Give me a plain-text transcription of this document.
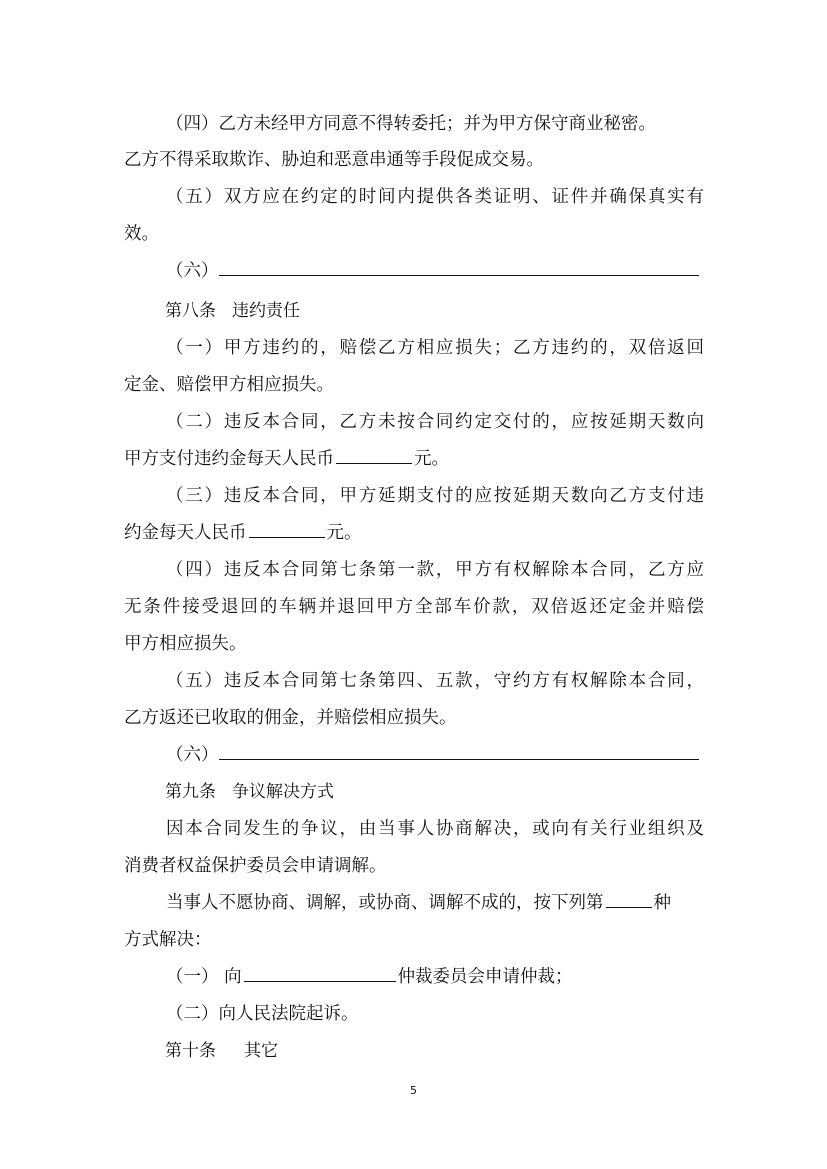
（四）乙方未经甲方同意不得转委托；并为甲方保守商业秘密。

乙方不得采取欺诈、胁迫和恶意串通等手段促成交易。

（五）双方应在约定的时间内提供各类证明、证件并确保真实有

效。

（六）

第八条 违约责任

（一）甲方违约的，赔偿乙方相应损失；乙方违约的，双倍返回

定金、赔偿甲方相应损失。

（二）违反本合同，乙方未按合同约定交付的，应按延期天数向

甲方支付违约金每天人民币	元。

（三）违反本合同，甲方延期支付的应按延期天数向乙方支付违

约金每天人民币	元。

（四）违反本合同第七条第一款，甲方有权解除本合同，乙方应

无条件接受退回的车辆并退回甲方全部车价款，双倍返还定金并赔偿

甲方相应损失。

（五）违反本合同第七条第四、五款，守约方有权解除本合同，

乙方返还已收取的佣金，并赔偿相应损失。

（六）

第九条 争议解决方式

因本合同发生的争议，由当事人协商解决，或向有关行业组织及

消费者权益保护委员会申请调解。

当事人不愿协商、调解，或协商、调解不成的，按下列第	种

方式解决：

（一） 向	仲裁委员会申请仲裁；

（二）向人民法院起诉。

第十条 其它

5
